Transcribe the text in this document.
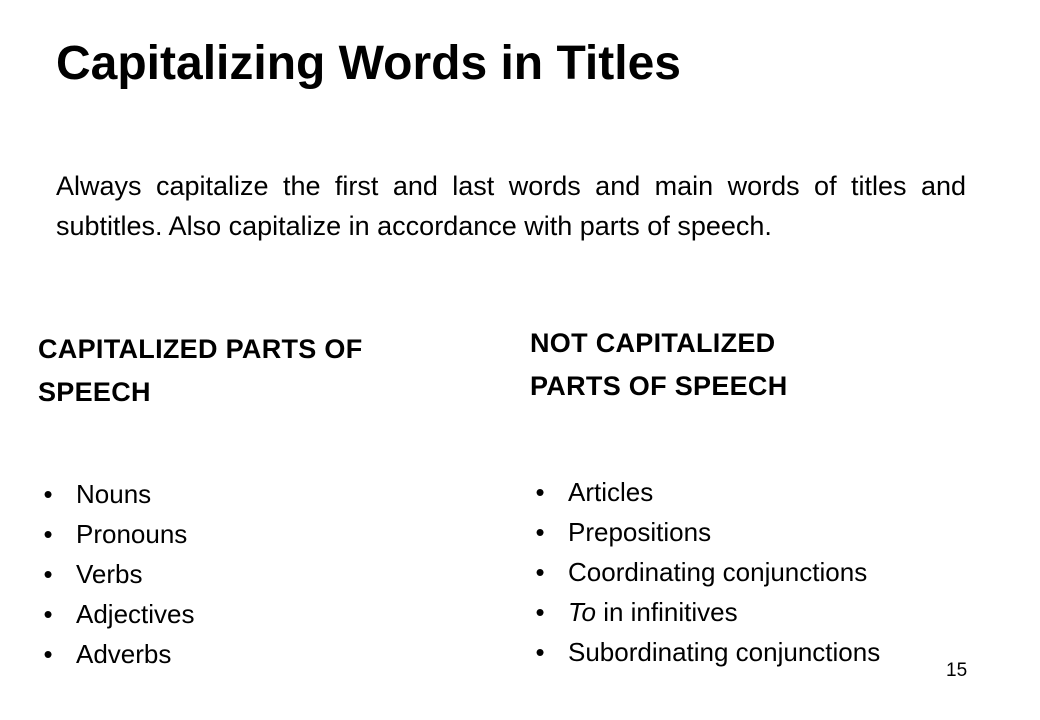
Capitalizing Words in Titles

Always capitalize the first and last words and main words of titles and subtitles. Also capitalize in accordance with parts of speech.

CAPITALIZED PARTS OF
SPEECH
• Nouns
• Pronouns
• Verbs
• Adjectives
• Adverbs
NOT CAPITALIZED
PARTS OF SPEECH
• Articles
• Prepositions
• Coordinating conjunctions
• To in infinitives
• Subordinating conjunctions

15
